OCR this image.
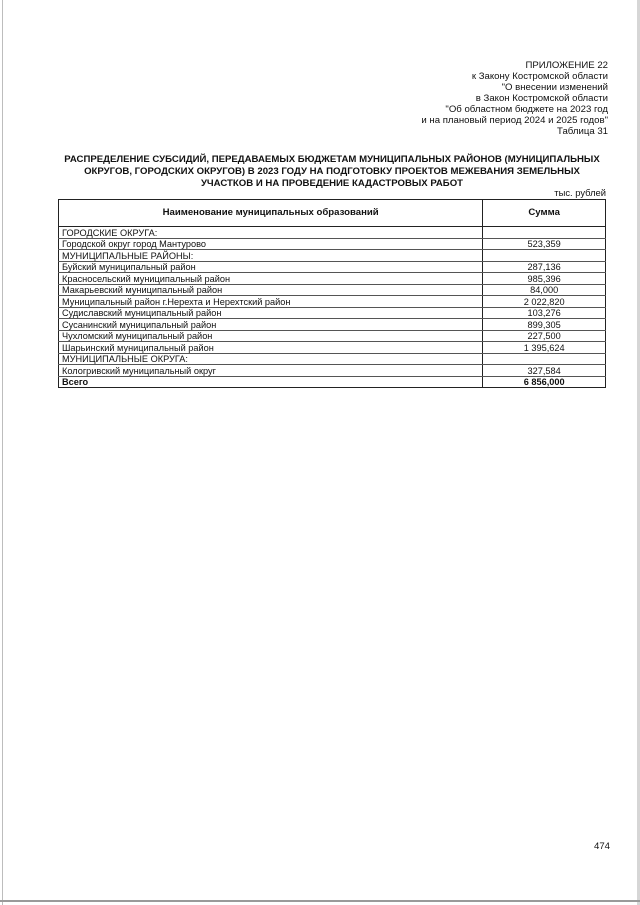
ПРИЛОЖЕНИЕ 22
к Закону Костромской области
"О внесении изменений
в Закон Костромской области
"Об областном бюджете на 2023 год
и на плановый период 2024 и 2025 годов"
Таблица 31
РАСПРЕДЕЛЕНИЕ СУБСИДИЙ, ПЕРЕДАВАЕМЫХ БЮДЖЕТАМ МУНИЦИПАЛЬНЫХ РАЙОНОВ (МУНИЦИПАЛЬНЫХ
ОКРУГОВ, ГОРОДСКИХ ОКРУГОВ) В 2023 ГОДУ НА ПОДГОТОВКУ ПРОЕКТОВ МЕЖЕВАНИЯ ЗЕМЕЛЬНЫХ
УЧАСТКОВ И НА ПРОВЕДЕНИЕ КАДАСТРОВЫХ РАБОТ
тыс. рублей
Наименование муниципальных образований	Сумма
ГОРОДСКИЕ ОКРУГА:	
Городской округ город Мантурово	523,359
МУНИЦИПАЛЬНЫЕ РАЙОНЫ:	
Буйский муниципальный район	287,136
Красносельский муниципальный район	985,396
Макарьевский муниципальный район	84,000
Муниципальный район г.Нерехта и Нерехтский район	2 022,820
Судиславский муниципальный район	103,276
Сусанинский муниципальный район	899,305
Чухломский муниципальный район	227,500
Шарьинский муниципальный район	1 395,624
МУНИЦИПАЛЬНЫЕ ОКРУГА:	
Кологривский муниципальный округ	327,584
Всего	6 856,000
474
